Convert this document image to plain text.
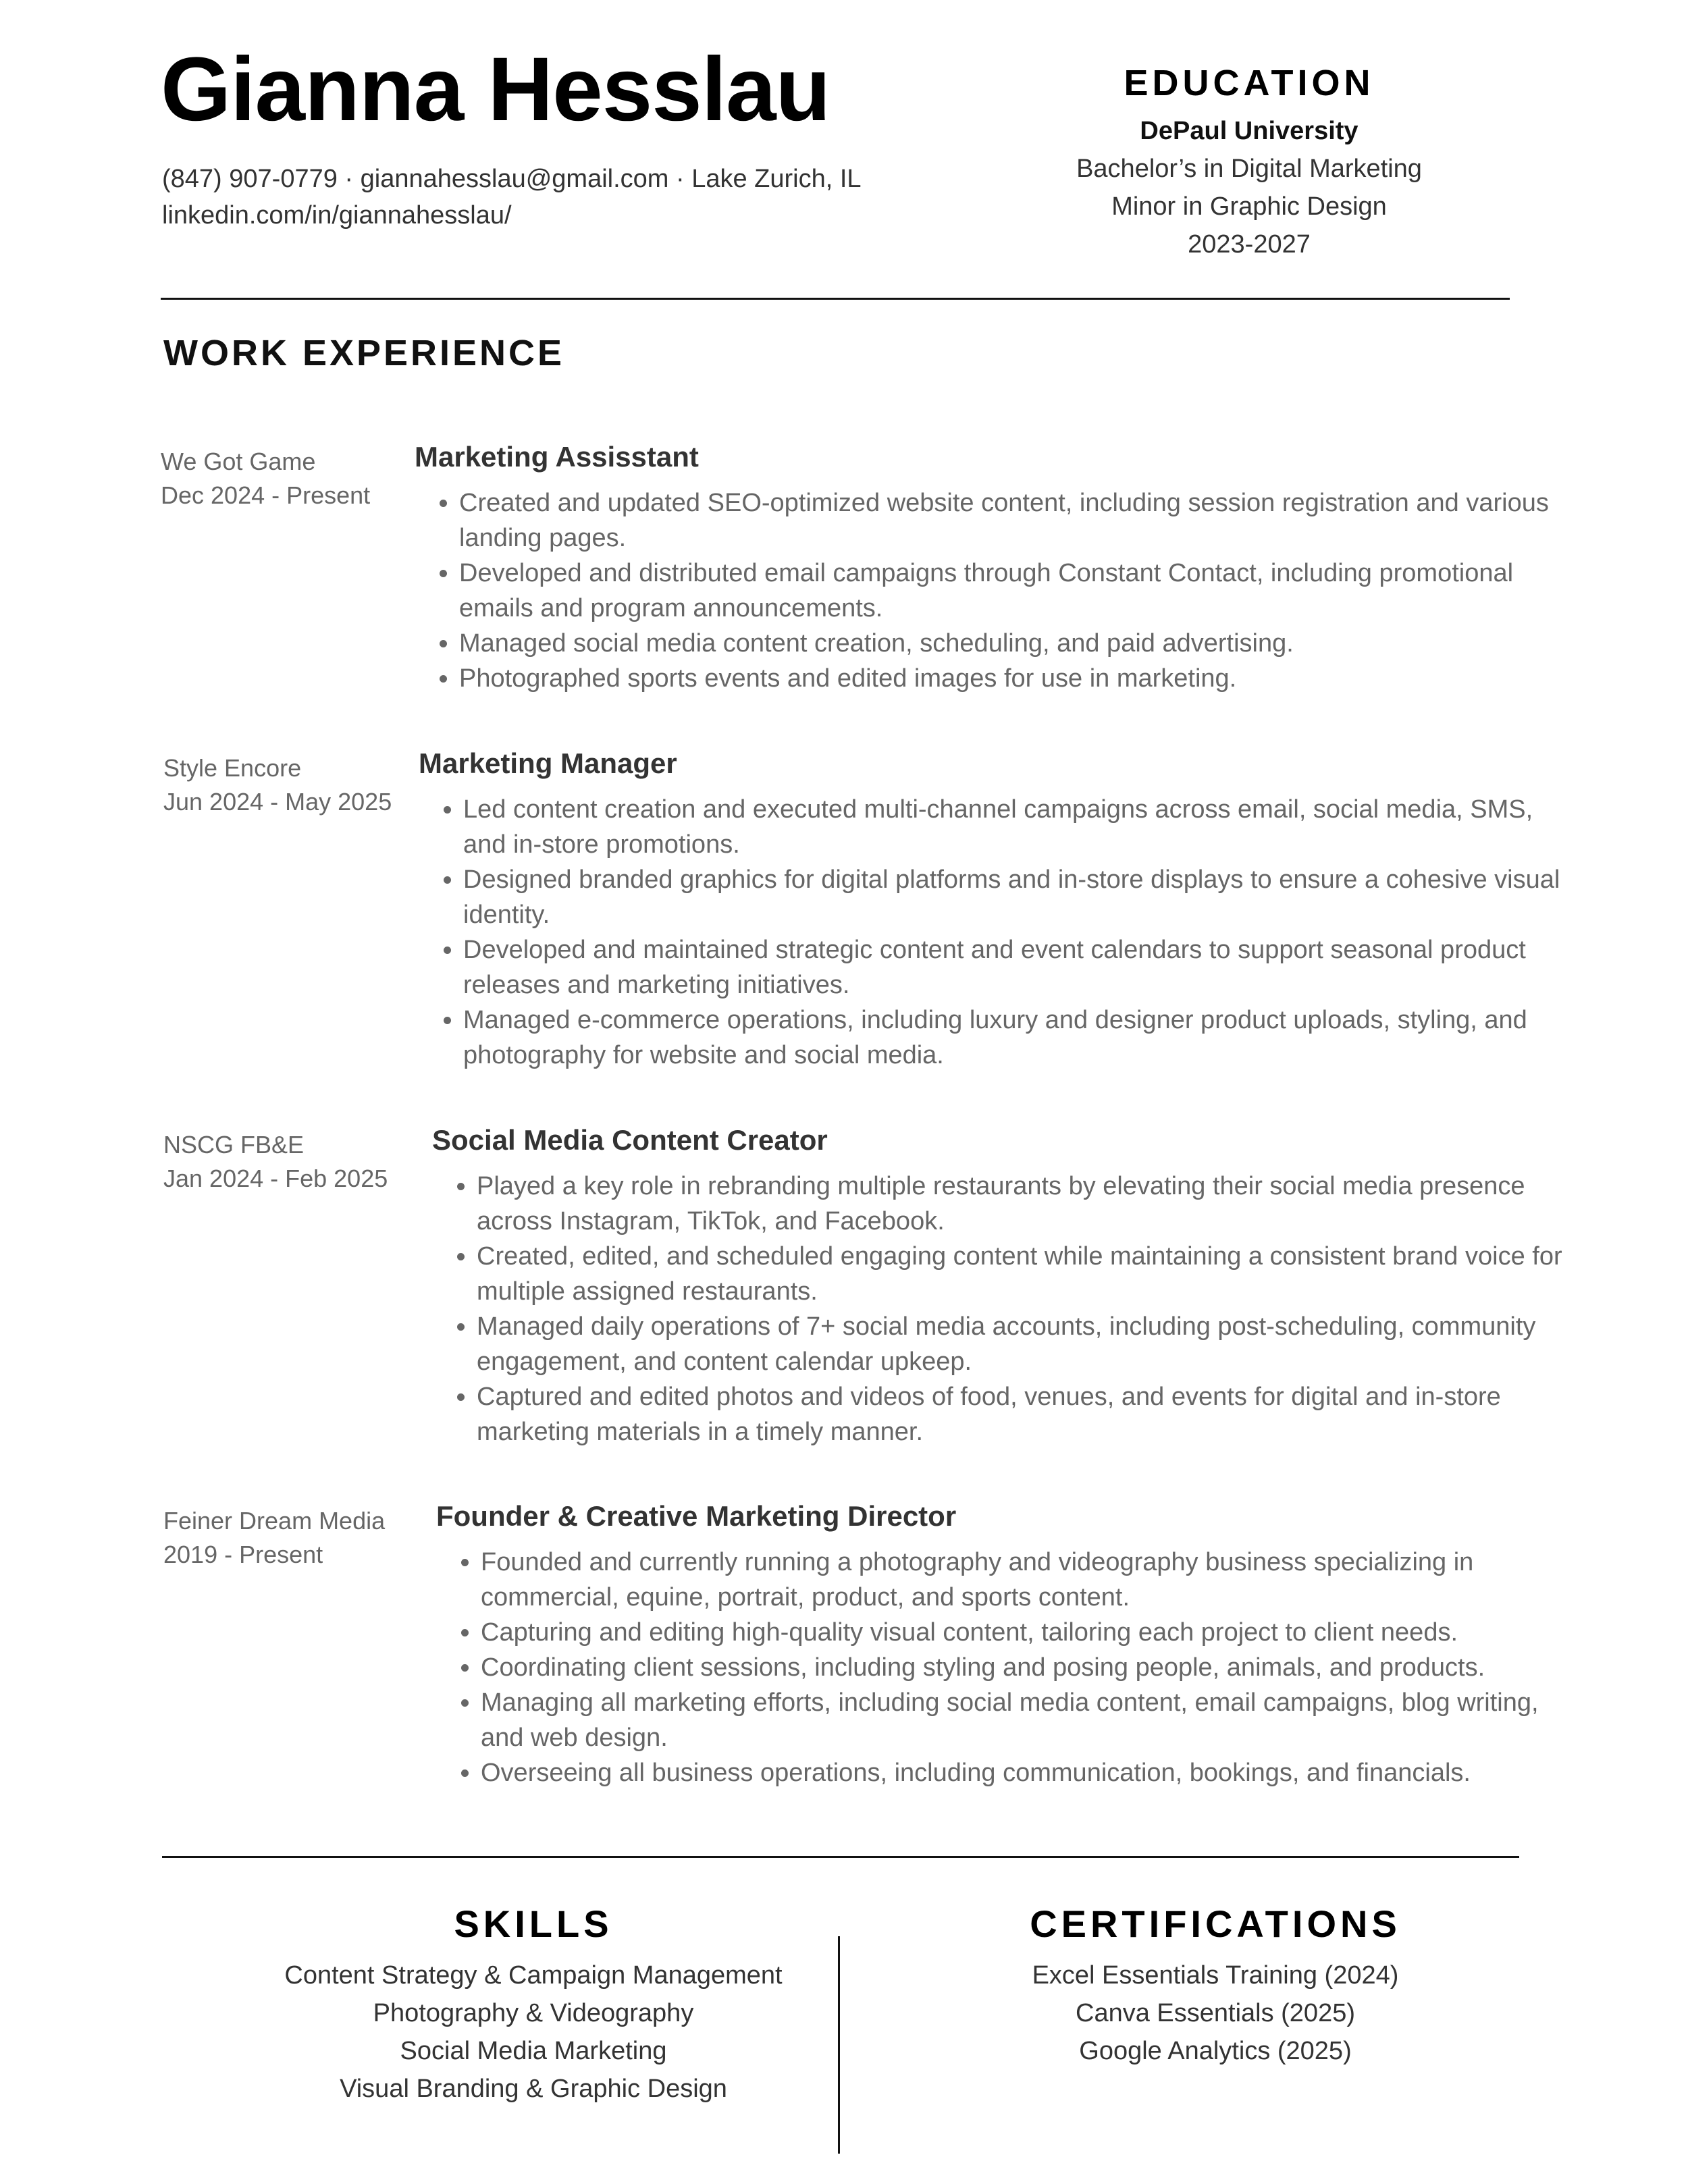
Gianna Hesslau
(847) 907-0779 · giannahesslau@gmail.com · Lake Zurich, IL
linkedin.com/in/giannahesslau/
EDUCATION
DePaul University
Bachelor’s in Digital Marketing
Minor in Graphic Design
2023-2027
WORK EXPERIENCE
We Got Game
Dec 2024 - Present
Marketing Assisstant
• Created and updated SEO-optimized website content, including session registration and various landing pages.
• Developed and distributed email campaigns through Constant Contact, including promotional emails and program announcements.
• Managed social media content creation, scheduling, and paid advertising.
• Photographed sports events and edited images for use in marketing.
Style Encore
Jun 2024 - May 2025
Marketing Manager
• Led content creation and executed multi-channel campaigns across email, social media, SMS, and in-store promotions.
• Designed branded graphics for digital platforms and in-store displays to ensure a cohesive visual identity.
• Developed and maintained strategic content and event calendars to support seasonal product releases and marketing initiatives.
• Managed e-commerce operations, including luxury and designer product uploads, styling, and photography for website and social media.
NSCG FB&E
Jan 2024 - Feb 2025
Social Media Content Creator
• Played a key role in rebranding multiple restaurants by elevating their social media presence across Instagram, TikTok, and Facebook.
• Created, edited, and scheduled engaging content while maintaining a consistent brand voice for multiple assigned restaurants.
• Managed daily operations of 7+ social media accounts, including post-scheduling, community engagement, and content calendar upkeep.
• Captured and edited photos and videos of food, venues, and events for digital and in-store marketing materials in a timely manner.
Feiner Dream Media
2019 - Present
Founder & Creative Marketing Director
• Founded and currently running a photography and videography business specializing in commercial, equine, portrait, product, and sports content.
• Capturing and editing high-quality visual content, tailoring each project to client needs.
• Coordinating client sessions, including styling and posing people, animals, and products.
• Managing all marketing efforts, including social media content, email campaigns, blog writing, and web design.
• Overseeing all business operations, including communication, bookings, and financials.
SKILLS
Content Strategy & Campaign Management
Photography & Videography
Social Media Marketing
Visual Branding & Graphic Design
CERTIFICATIONS
Excel Essentials Training (2024)
Canva Essentials (2025)
Google Analytics (2025)
